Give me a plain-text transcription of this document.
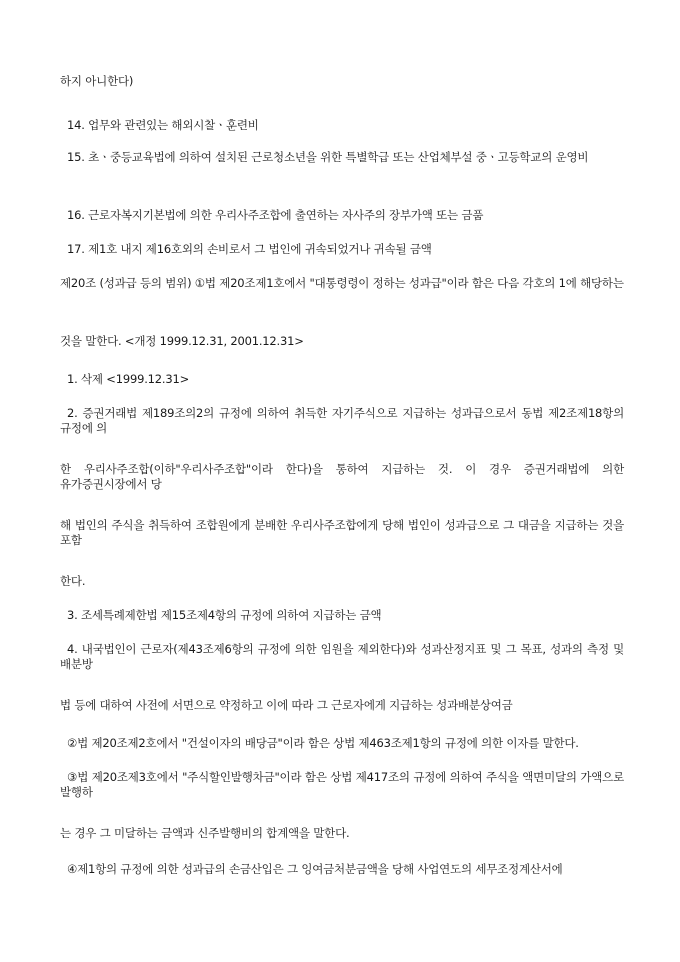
하지 아니한다)
14. 업무와 관련있는 해외시찰ㆍ훈련비
15. 초ㆍ중등교육법에 의하여 설치된 근로청소년을 위한 특별학급 또는 산업체부설 중ㆍ고등학교의 운영비
16. 근로자복지기본법에 의한 우리사주조합에 출연하는 자사주의 장부가액 또는 금품
17. 제1호 내지 제16호외의 손비로서 그 법인에 귀속되었거나 귀속될 금액
제20조 (성과급 등의 범위) ①법 제20조제1호에서 "대통령령이 정하는 성과급"이라 함은 다음 각호의 1에 해당하는
것을 말한다. <개정 1999.12.31, 2001.12.31>
1. 삭제 <1999.12.31>
2. 증권거래법 제189조의2의 규정에 의하여 취득한 자기주식으로 지급하는 성과급으로서 동법 제2조제18항의 규정에 의
한 우리사주조합(이하"우리사주조합"이라 한다)을 통하여 지급하는 것. 이 경우 증권거래법에 의한 유가증권시장에서 당
해 법인의 주식을 취득하여 조합원에게 분배한 우리사주조합에게 당해 법인이 성과급으로 그 대금을 지급하는 것을 포함
한다.
3. 조세특례제한법 제15조제4항의 규정에 의하여 지급하는 금액
4. 내국법인이 근로자(제43조제6항의 규정에 의한 임원을 제외한다)와 성과산정지표 및 그 목표, 성과의 측정 및 배분방
법 등에 대하여 사전에 서면으로 약정하고 이에 따라 그 근로자에게 지급하는 성과배분상여금
②법 제20조제2호에서 "건설이자의 배당금"이라 함은 상법 제463조제1항의 규정에 의한 이자를 말한다.
③법 제20조제3호에서 "주식할인발행차금"이라 함은 상법 제417조의 규정에 의하여 주식을 액면미달의 가액으로 발행하
는 경우 그 미달하는 금액과 신주발행비의 합계액을 말한다.
④제1항의 규정에 의한 성과급의 손금산입은 그 잉여금처분금액을 당해 사업연도의 세무조정계산서에
